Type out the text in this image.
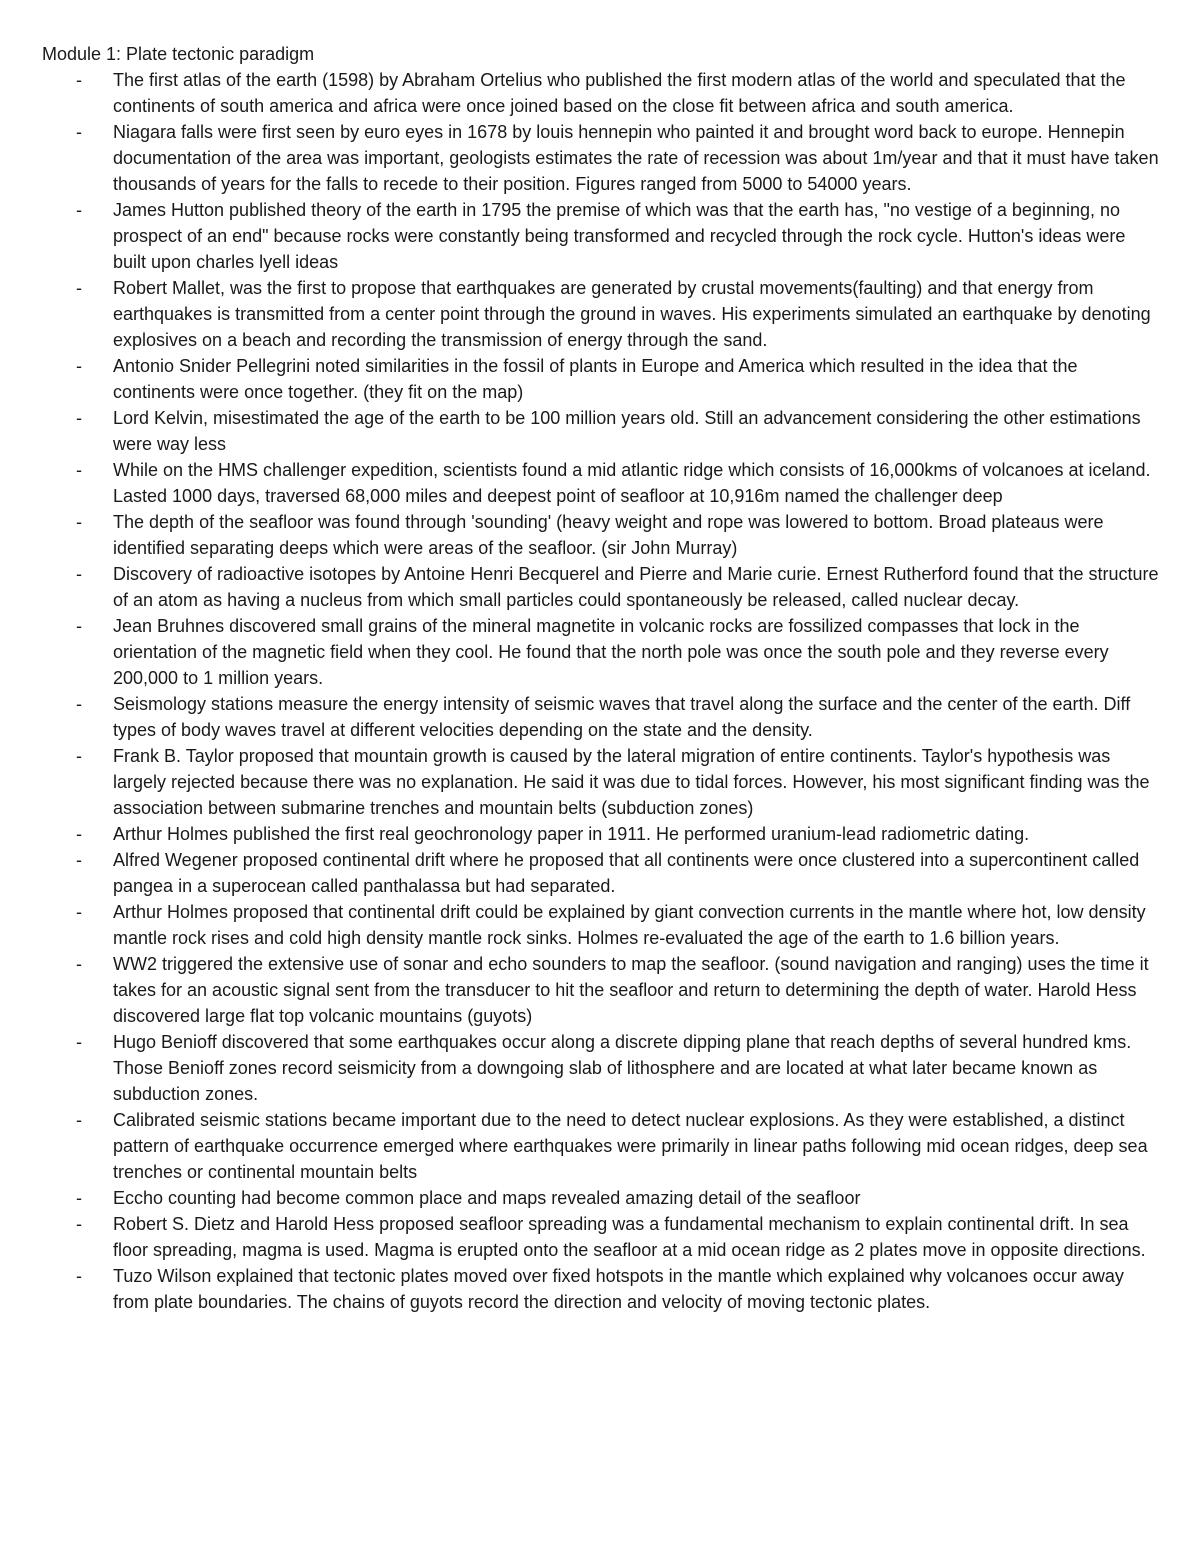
Module 1: Plate tectonic paradigm
- The first atlas of the earth (1598) by Abraham Ortelius who published the first modern atlas of the world and speculated that the continents of south america and africa were once joined based on the close fit between africa and south america.
- Niagara falls were first seen by euro eyes in 1678 by louis hennepin who painted it and brought word back to europe. Hennepin documentation of the area was important, geologists estimates the rate of recession was about 1m/year and that it must have taken thousands of years for the falls to recede to their position. Figures ranged from 5000 to 54000 years.
- James Hutton published theory of the earth in 1795 the premise of which was that the earth has, "no vestige of a beginning, no prospect of an end" because rocks were constantly being transformed and recycled through the rock cycle. Hutton's ideas were built upon charles lyell ideas
- Robert Mallet, was the first to propose that earthquakes are generated by crustal movements(faulting) and that energy from earthquakes is transmitted from a center point through the ground in waves. His experiments simulated an earthquake by denoting explosives on a beach and recording the transmission of energy through the sand.
- Antonio Snider Pellegrini noted similarities in the fossil of plants in Europe and America which resulted in the idea that the continents were once together. (they fit on the map)
- Lord Kelvin, misestimated the age of the earth to be 100 million years old. Still an advancement considering the other estimations were way less
- While on the HMS challenger expedition, scientists found a mid atlantic ridge which consists of 16,000kms of volcanoes at iceland. Lasted 1000 days, traversed 68,000 miles and deepest point of seafloor at 10,916m named the challenger deep
- The depth of the seafloor was found through 'sounding' (heavy weight and rope was lowered to bottom. Broad plateaus were identified separating deeps which were areas of the seafloor. (sir John Murray)
- Discovery of radioactive isotopes by Antoine Henri Becquerel and Pierre and Marie curie. Ernest Rutherford found that the structure of an atom as having a nucleus from which small particles could spontaneously be released, called nuclear decay.
- Jean Bruhnes discovered small grains of the mineral magnetite in volcanic rocks are fossilized compasses that lock in the orientation of the magnetic field when they cool. He found that the north pole was once the south pole and they reverse every 200,000 to 1 million years.
- Seismology stations measure the energy intensity of seismic waves that travel along the surface and the center of the earth. Diff types of body waves travel at different velocities depending on the state and the density.
- Frank B. Taylor proposed that mountain growth is caused by the lateral migration of entire continents. Taylor's hypothesis was largely rejected because there was no explanation. He said it was due to tidal forces. However, his most significant finding was the association between submarine trenches and mountain belts (subduction zones)
- Arthur Holmes published the first real geochronology paper in 1911. He performed uranium-lead radiometric dating.
- Alfred Wegener proposed continental drift where he proposed that all continents were once clustered into a supercontinent called pangea in a superocean called panthalassa but had separated.
- Arthur Holmes proposed that continental drift could be explained by giant convection currents in the mantle where hot, low density mantle rock rises and cold high density mantle rock sinks. Holmes re-evaluated the age of the earth to 1.6 billion years.
- WW2 triggered the extensive use of sonar and echo sounders to map the seafloor. (sound navigation and ranging) uses the time it takes for an acoustic signal sent from the transducer to hit the seafloor and return to determining the depth of water. Harold Hess discovered large flat top volcanic mountains (guyots)
- Hugo Benioff discovered that some earthquakes occur along a discrete dipping plane that reach depths of several hundred kms. Those Benioff zones record seismicity from a downgoing slab of lithosphere and are located at what later became known as subduction zones.
- Calibrated seismic stations became important due to the need to detect nuclear explosions. As they were established, a distinct pattern of earthquake occurrence emerged where earthquakes were primarily in linear paths following mid ocean ridges, deep sea trenches or continental mountain belts
- Eccho counting had become common place and maps revealed amazing detail of the seafloor
- Robert S. Dietz and Harold Hess proposed seafloor spreading was a fundamental mechanism to explain continental drift. In sea floor spreading, magma is used. Magma is erupted onto the seafloor at a mid ocean ridge as 2 plates move in opposite directions.
- Tuzo Wilson explained that tectonic plates moved over fixed hotspots in the mantle which explained why volcanoes occur away from plate boundaries. The chains of guyots record the direction and velocity of moving tectonic plates.
